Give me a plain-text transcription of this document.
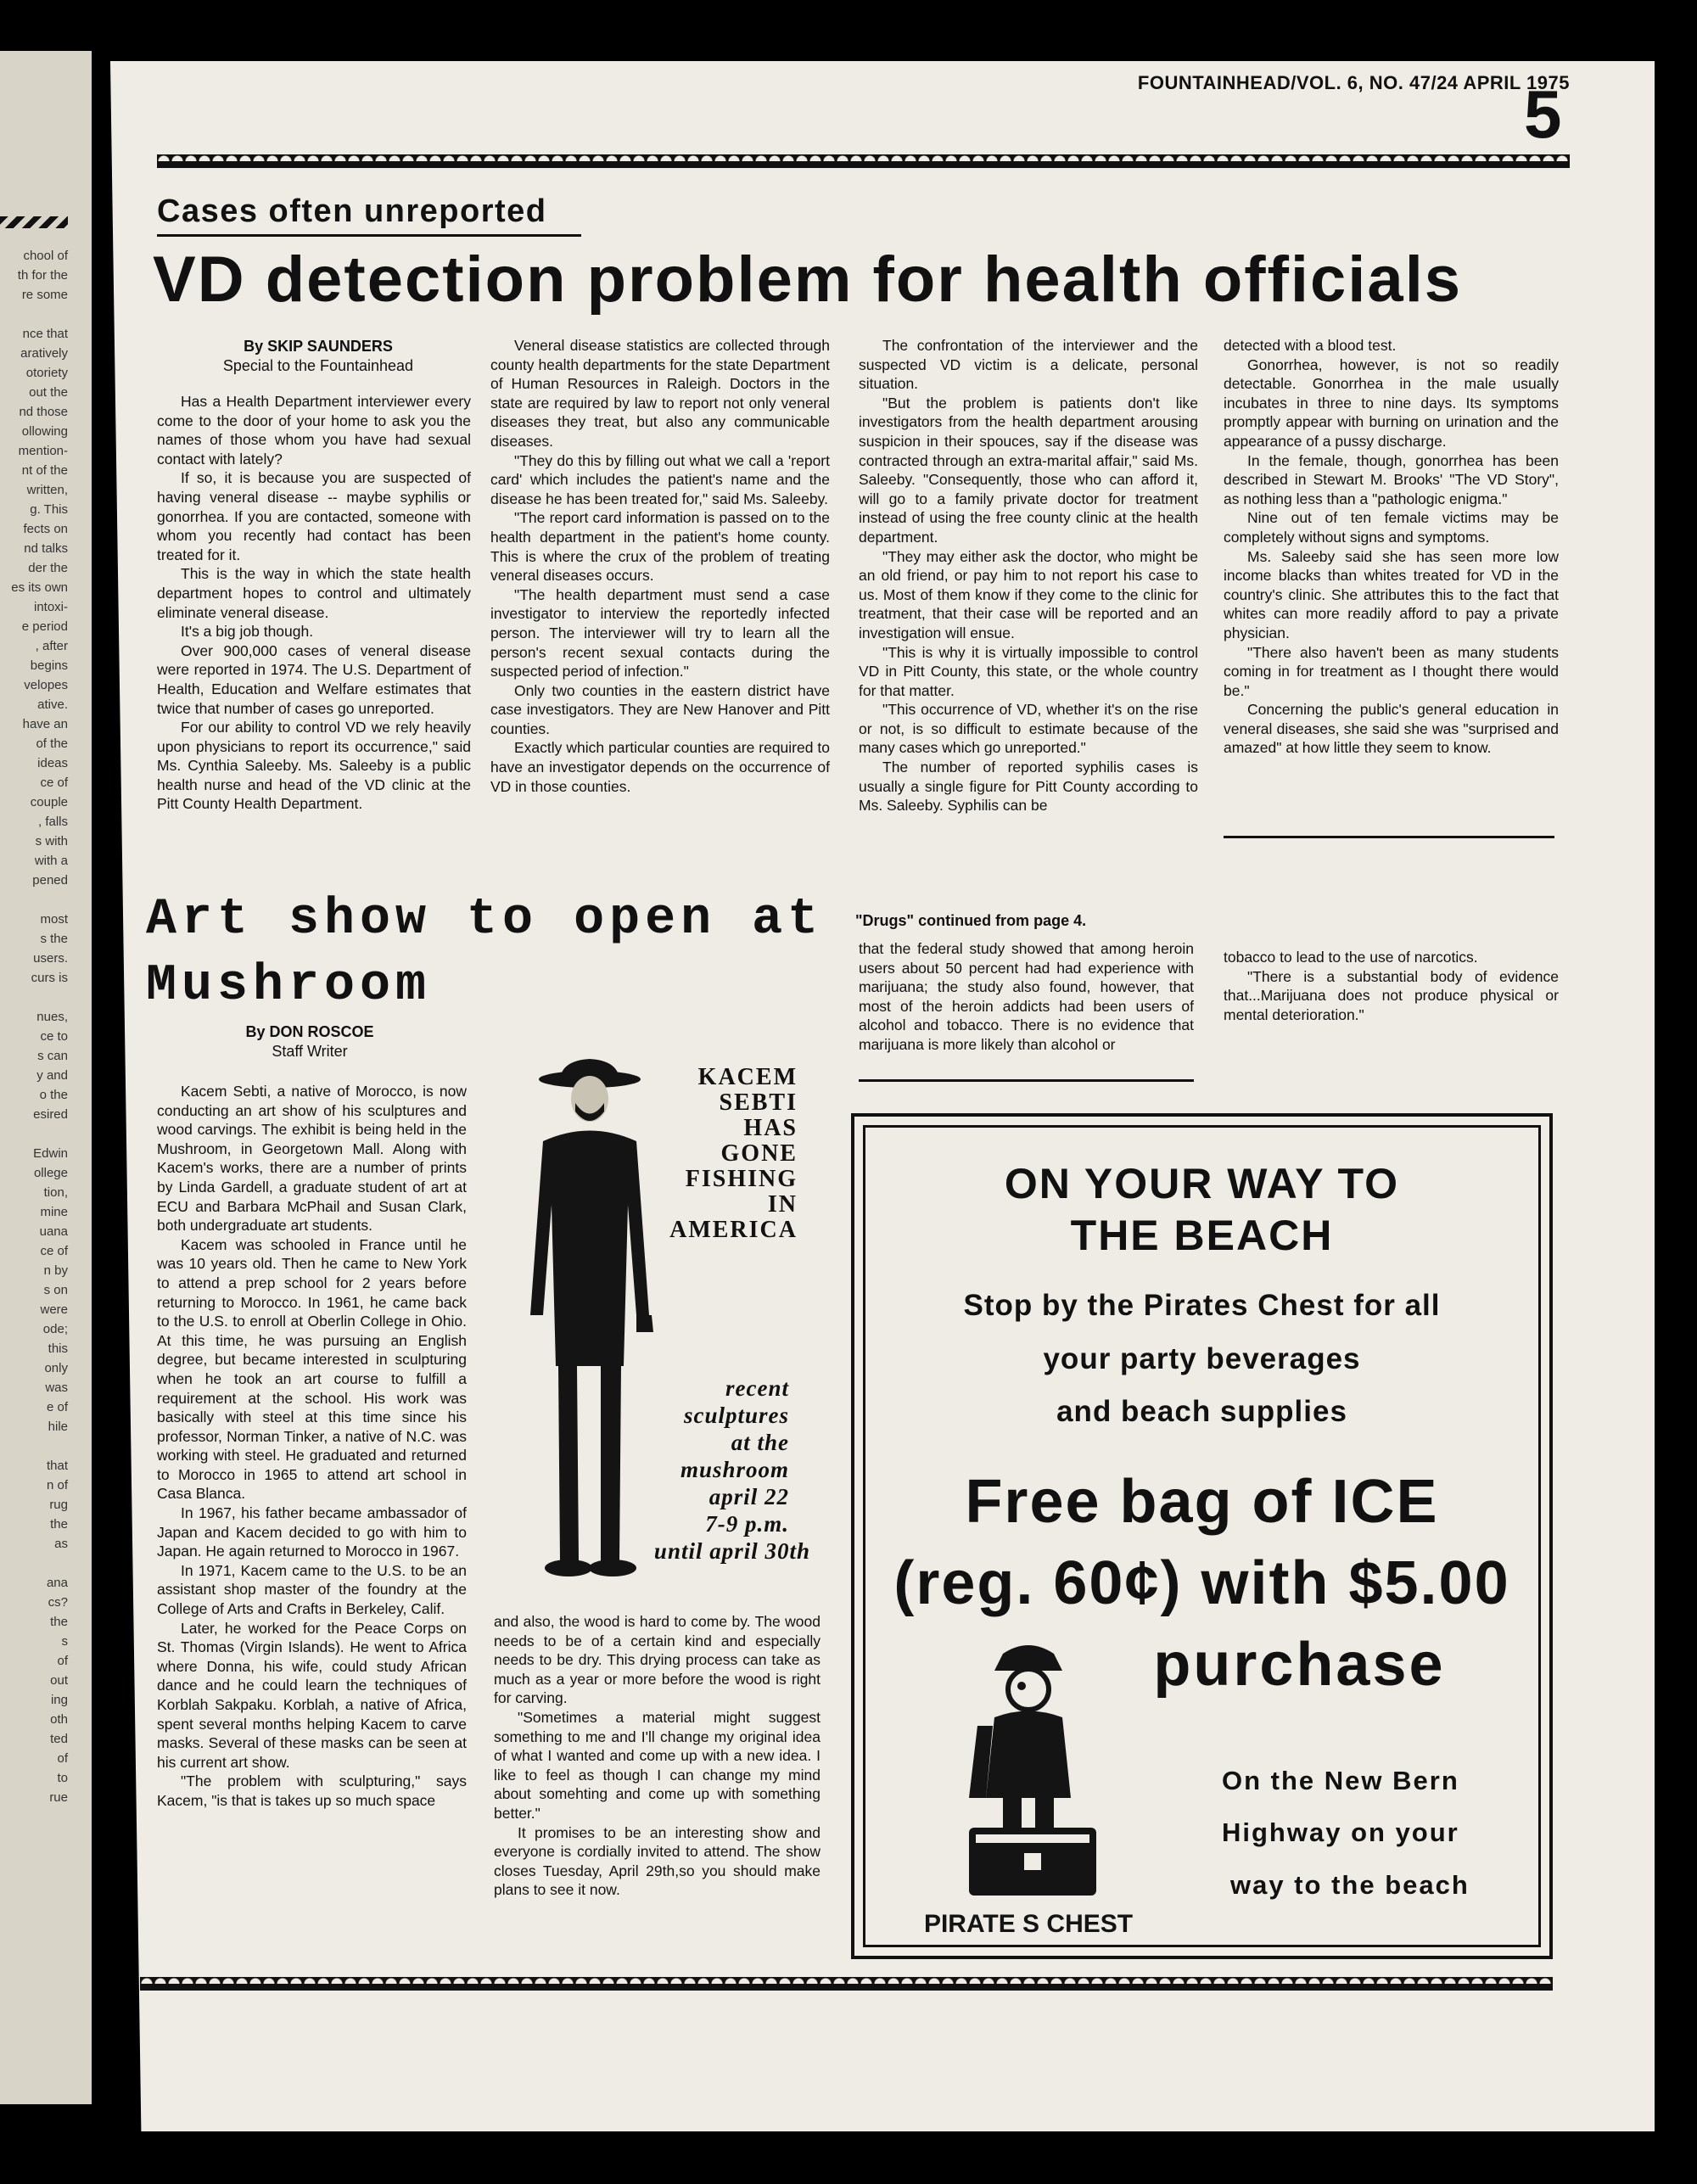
chool of
th for the
re some

nce that
aratively
otoriety
out the
nd those
ollowing
mention-
nt of the
written,
g. This
fects on
nd talks
der the
es its own
intoxi-
e period
, after
begins
velopes
ative.
have an
of the
ideas
ce of
couple
, falls
s with
with a
pened

most
s the
users.
curs is

nues,
ce to
s can
y and
o the
esired

Edwin
ollege
tion,
mine
uana
ce of
n by
s on
were
ode;
this
only
was
e of
hile

that
n of
rug
the
as

ana
cs?
the
s
of
out
ing
oth
ted
of
to
rue
FOUNTAINHEAD/VOL. 6, NO. 47/24 APRIL 1975
5
Cases often unreported
VD detection problem for health officials
By SKIP SAUNDERS
Special to the Fountainhead

Has a Health Department interviewer every come to the door of your home to ask you the names of those whom you have had sexual contact with lately?

If so, it is because you are suspected of having veneral disease -- maybe syphilis or gonorrhea. If you are contacted, someone with whom you recently had contact has been treated for it.

This is the way in which the state health department hopes to control and ultimately eliminate veneral disease.

It's a big job though.

Over 900,000 cases of veneral disease were reported in 1974. The U.S. Department of Health, Education and Welfare estimates that twice that number of cases go unreported.

For our ability to control VD we rely heavily upon physicians to report its occurrence," said Ms. Cynthia Saleeby. Ms. Saleeby is a public health nurse and head of the VD clinic at the Pitt County Health Department.

Veneral disease statistics are collected through county health departments for the state Department of Human Resources in Raleigh. Doctors in the state are required by law to report not only veneral diseases they treat, but also any communicable diseases.

"They do this by filling out what we call a 'report card' which includes the patient's name and the disease he has been treated for," said Ms. Saleeby.

"The report card information is passed on to the health department in the patient's home county. This is where the crux of the problem of treating veneral diseases occurs.

"The health department must send a case investigator to interview the reportedly infected person. The interviewer will try to learn all the person's recent sexual contacts during the suspected period of infection."

Only two counties in the eastern district have case investigators. They are New Hanover and Pitt counties.

Exactly which particular counties are required to have an investigator depends on the occurrence of VD in those counties.

The confrontation of the interviewer and the suspected VD victim is a delicate, personal situation.

"But the problem is patients don't like investigators from the health department arousing suspicion in their spouces, say if the disease was contracted through an extra-marital affair," said Ms. Saleeby. "Consequently, those who can afford it, will go to a family private doctor for treatment instead of using the free county clinic at the health department.

"They may either ask the doctor, who might be an old friend, or pay him to not report his case to us. Most of them know if they come to the clinic for treatment, that their case will be reported and an investigation will ensue.

"This is why it is virtually impossible to control VD in Pitt County, this state, or the whole country for that matter.

"This occurrence of VD, whether it's on the rise or not, is so difficult to estimate because of the many cases which go unreported."

The number of reported syphilis cases is usually a single figure for Pitt County according to Ms. Saleeby. Syphilis can be

detected with a blood test.

Gonorrhea, however, is not so readily detectable. Gonorrhea in the male usually incubates in three to nine days. Its symptoms promptly appear with burning on urination and the appearance of a pussy discharge.

In the female, though, gonorrhea has been described in Stewart M. Brooks' "The VD Story", as nothing less than a "pathologic enigma."

Nine out of ten female victims may be completely without signs and symptoms.

Ms. Saleeby said she has seen more low income blacks than whites treated for VD in the country's clinic. She attributes this to the fact that whites can more readily afford to pay a private physician.

"There also haven't been as many students coming in for treatment as I thought there would be."

Concerning the public's general education in veneral diseases, she said she was "surprised and amazed" at how little they seem to know.

Art show to open at
Mushroom
By DON ROSCOE
Staff Writer

Kacem Sebti, a native of Morocco, is now conducting an art show of his sculptures and wood carvings. The exhibit is being held in the Mushroom, in Georgetown Mall. Along with Kacem's works, there are a number of prints by Linda Gardell, a graduate student of art at ECU and Barbara McPhail and Susan Clark, both undergraduate art students.

Kacem was schooled in France until he was 10 years old. Then he came to New York to attend a prep school for 2 years before returning to Morocco. In 1961, he came back to the U.S. to enroll at Oberlin College in Ohio. At this time, he was pursuing an English degree, but became interested in sculpturing when he took an art course to fulfill a requirement at the school. His work was basically with steel at this time since his professor, Norman Tinker, a native of N.C. was working with steel. He graduated and returned to Morocco in 1965 to attend art school in Casa Blanca.

In 1967, his father became ambassador of Japan and Kacem decided to go with him to Japan. He again returned to Morocco in 1967.

In 1971, Kacem came to the U.S. to be an assistant shop master of the foundry at the College of Arts and Crafts in Berkeley, Calif.

Later, he worked for the Peace Corps on St. Thomas (Virgin Islands). He went to Africa where Donna, his wife, could study African dance and he could learn the techniques of Korblah Sakpaku. Korblah, a native of Africa, spent several months helping Kacem to carve masks. Several of these masks can be seen at his current art show.

"The problem with sculpturing," says Kacem, "is that is takes up so much space

KACEM
SEBTI
HAS
GONE
FISHING
IN
AMERICA
recent
sculptures
at the
mushroom
april 22
7-9 p.m.
until april 30th

and also, the wood is hard to come by. The wood needs to be of a certain kind and especially needs to be dry. This drying process can take as much as a year or more before the wood is right for carving.

"Sometimes a material might suggest something to me and I'll change my original idea of what I wanted and come up with a new idea. I like to feel as though I can change my mind about somehting and come up with something better."

It promises to be an interesting show and everyone is cordially invited to attend. The show closes Tuesday, April 29th,so you should make plans to see it now.

"Drugs" continued from page 4.

that the federal study showed that among heroin users about 50 percent had had experience with marijuana; the study also found, however, that most of the heroin addicts had been users of alcohol and tobacco. There is no evidence that marijuana is more likely than alcohol or

tobacco to lead to the use of narcotics.

"There is a substantial body of evidence that...Marijuana does not produce physical or mental deterioration."

ON YOUR WAY TO
THE BEACH
Stop by the Pirates Chest for all
your party beverages
and beach supplies
Free bag of ICE
(reg. 60¢) with $5.00
purchase
On the New Bern
Highway on your
way to the beach
PIRATE S CHEST
